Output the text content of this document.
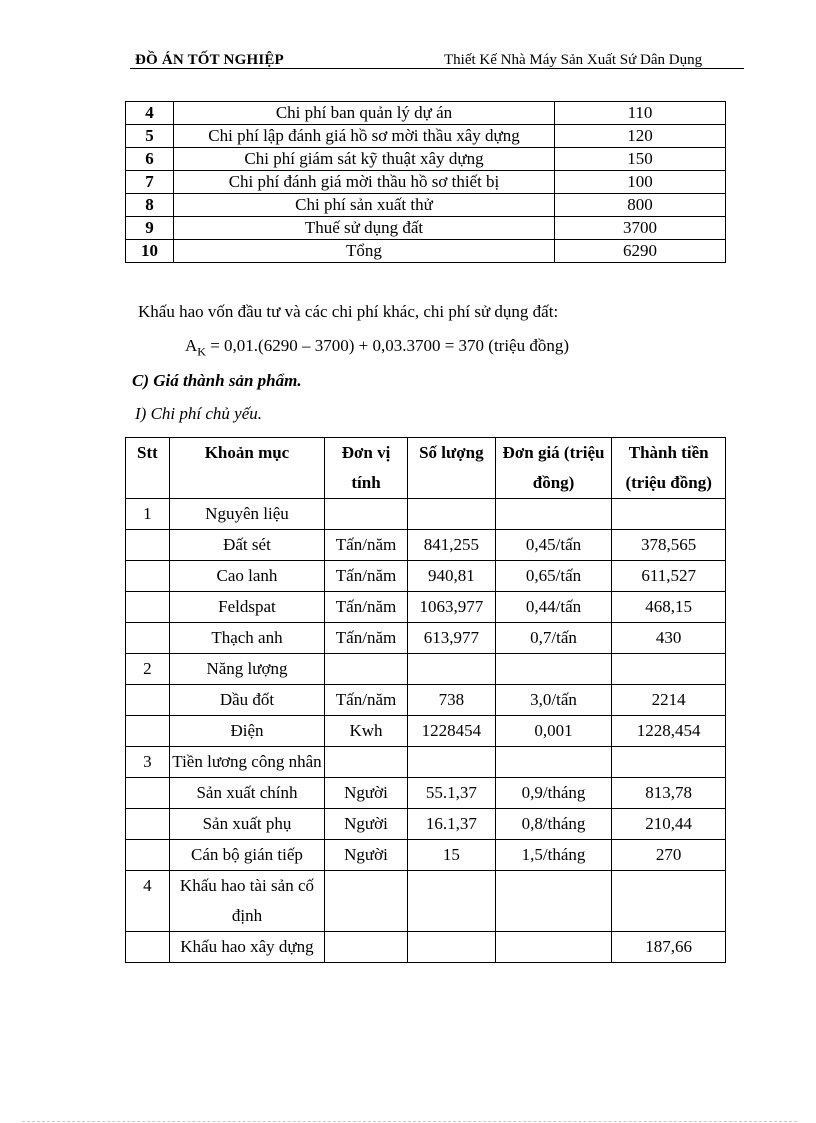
ĐỒ ÁN TỐT NGHIỆP	Thiết Kế Nhà Máy Sản Xuất Sứ Dân Dụng
4	Chi phí ban quản lý dự án	110
5	Chi phí lập đánh giá hồ sơ mời thầu xây dựng	120
6	Chi phí giám sát kỹ thuật xây dựng	150
7	Chi phí đánh giá mời thầu hồ sơ thiết bị	100
8	Chi phí sản xuất thử	800
9	Thuế sử dụng đất	3700
10	Tổng	6290
Khấu hao vốn đầu tư và các chi phí khác, chi phí sử dụng đất:
$A_K = 0,01.(6290 - 3700) + 0,03.3700 = 370$ (triệu đồng)
C) Giá thành sản phẩm.
I) Chi phí chủ yếu.
Stt	Khoản mục	Đơn vị tính	Số lượng	Đơn giá (triệu đồng)	Thành tiền (triệu đồng)
1	Nguyên liệu				
	Đất sét	Tấn/năm	841,255	0,45/tấn	378,565
	Cao lanh	Tấn/năm	940,81	0,65/tấn	611,527
	Feldspat	Tấn/năm	1063,977	0,44/tấn	468,15
	Thạch anh	Tấn/năm	613,977	0,7/tấn	430
2	Năng lượng				
	Dầu đốt	Tấn/năm	738	3,0/tấn	2214
	Điện	Kwh	1228454	0,001	1228,454
3	Tiền lương công nhân				
	Sản xuất chính	Người	55.1,37	0,9/tháng	813,78
	Sản xuất phụ	Người	16.1,37	0,8/tháng	210,44
	Cán bộ gián tiếp	Người	15	1,5/tháng	270
4	Khấu hao tài sản cố định				
	Khấu hao xây dựng				187,66
